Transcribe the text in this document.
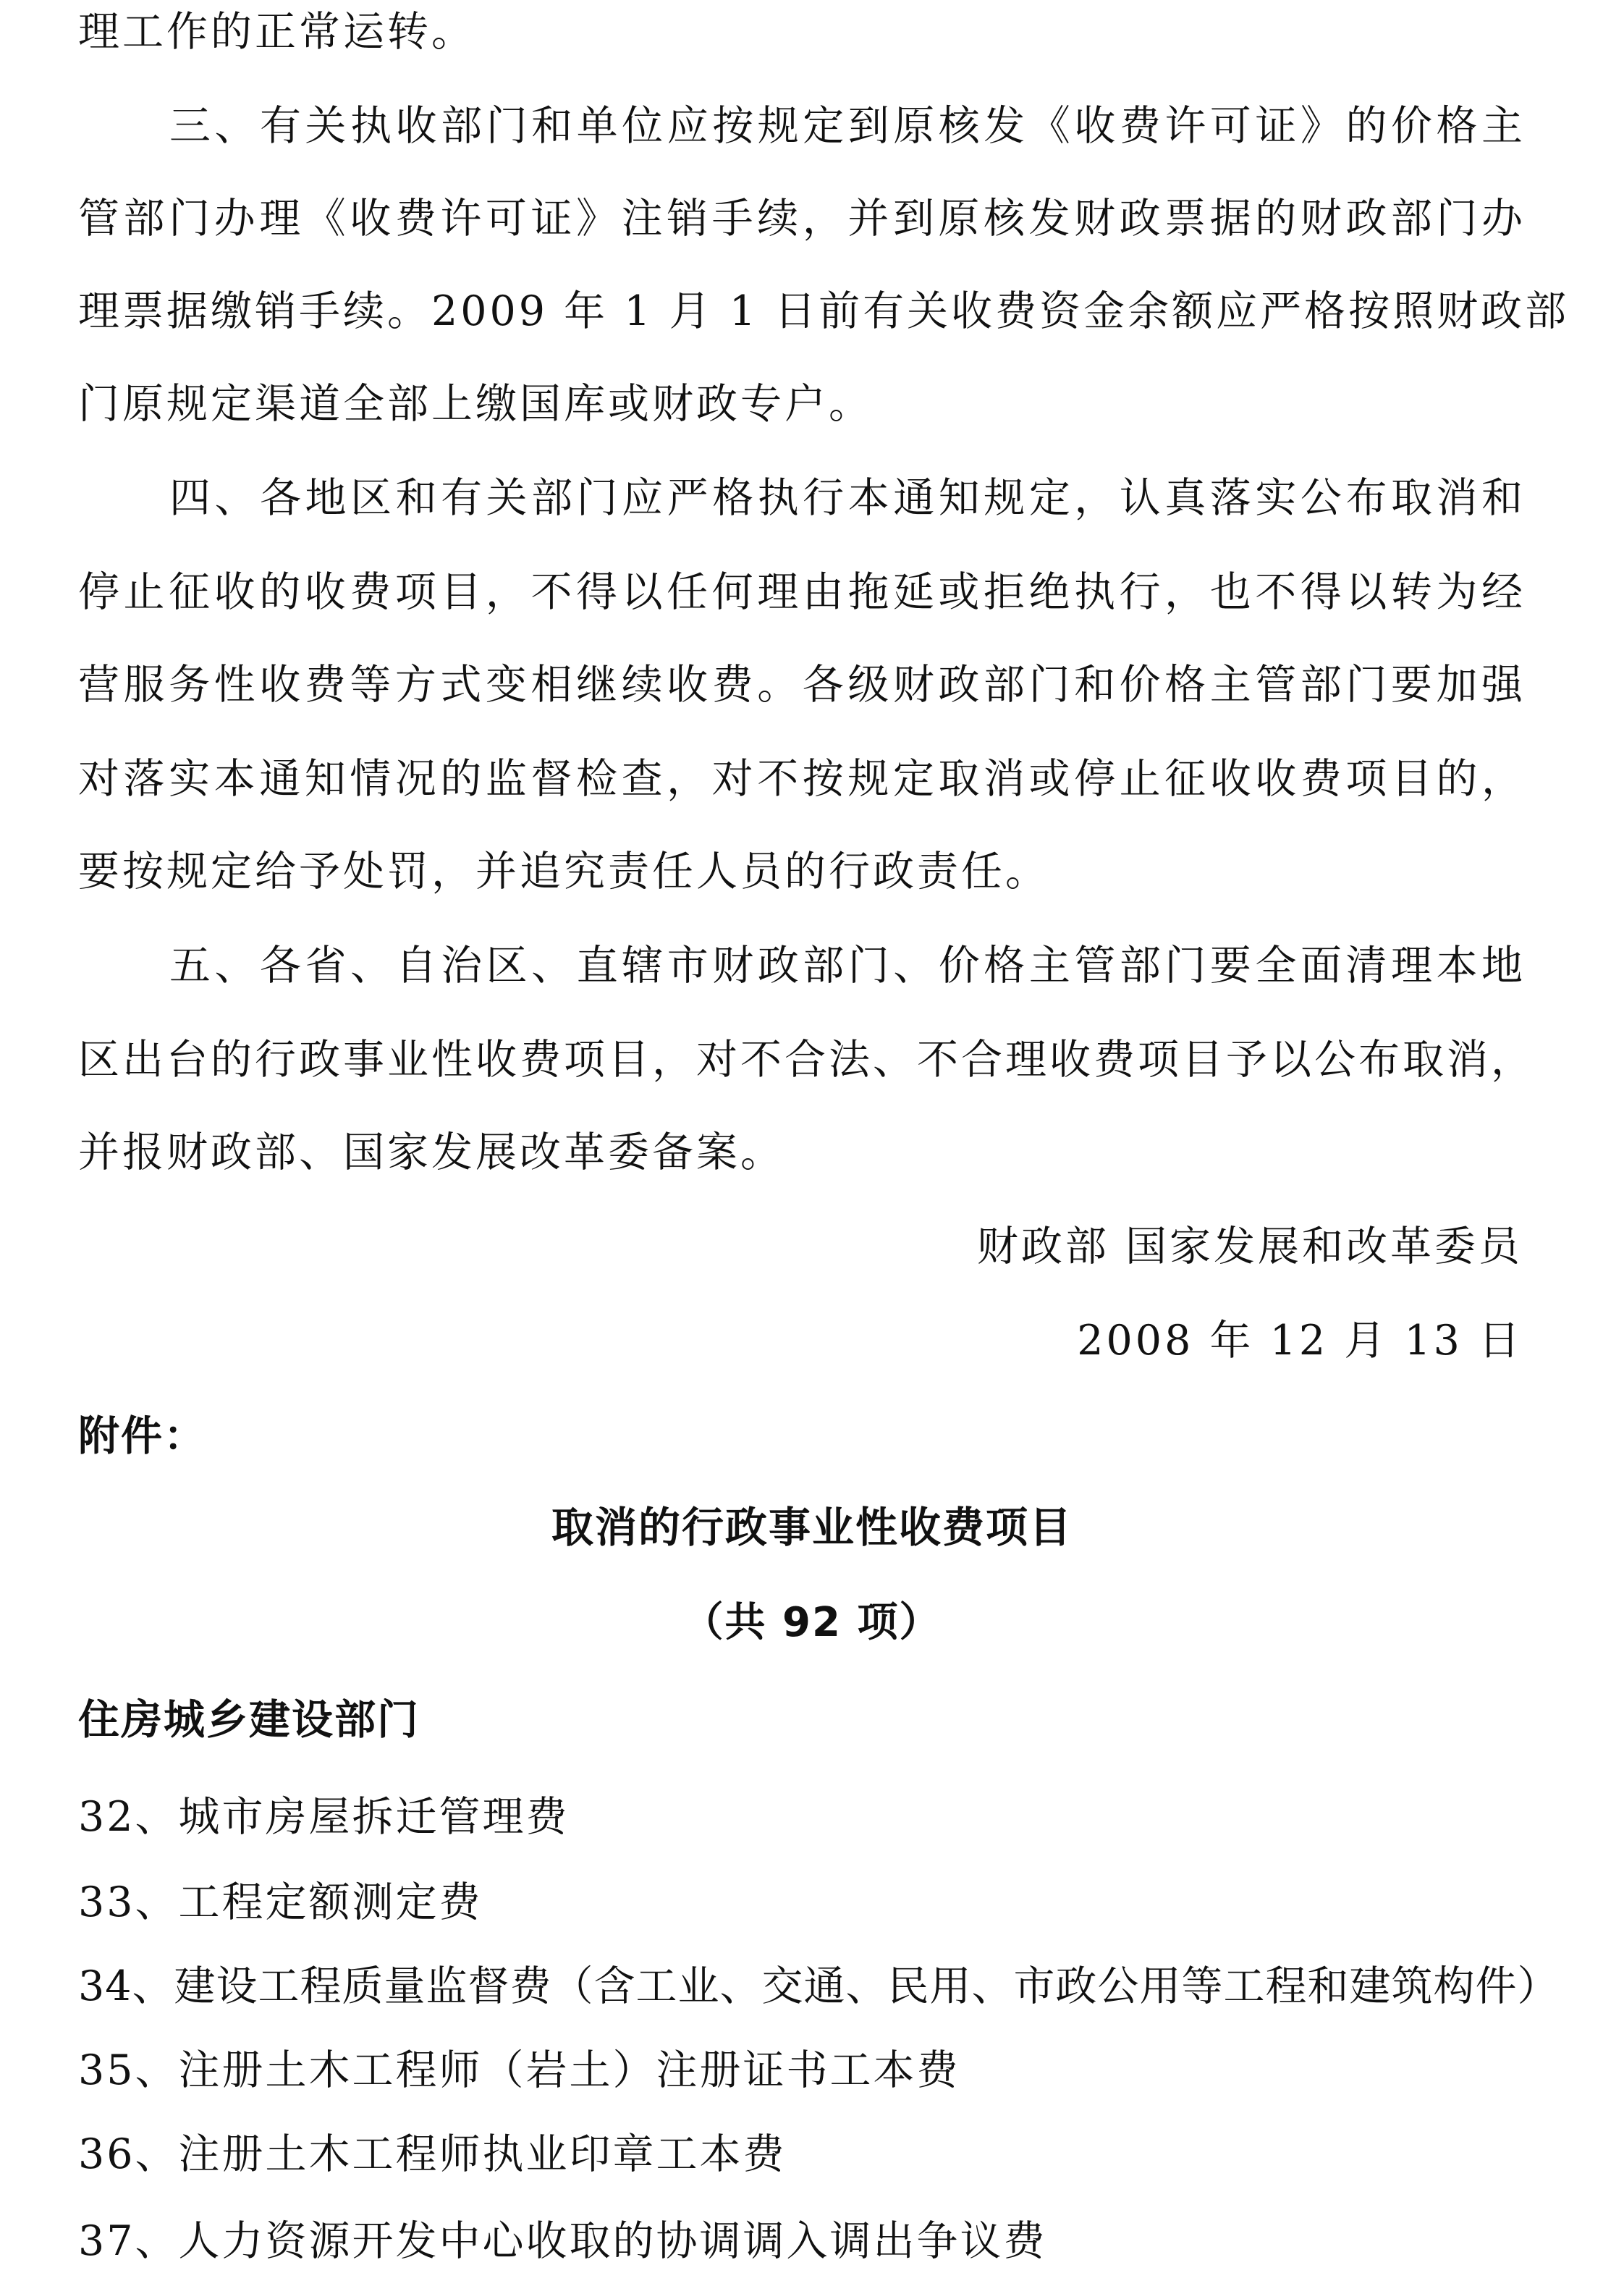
理工作的正常运转。
三、有关执收部门和单位应按规定到原核发《收费许可证》的价格主
管部门办理《收费许可证》注销手续，并到原核发财政票据的财政部门办
理票据缴销手续。2009 年 1 月 1 日前有关收费资金余额应严格按照财政部
门原规定渠道全部上缴国库或财政专户。
四、各地区和有关部门应严格执行本通知规定，认真落实公布取消和
停止征收的收费项目，不得以任何理由拖延或拒绝执行，也不得以转为经
营服务性收费等方式变相继续收费。各级财政部门和价格主管部门要加强
对落实本通知情况的监督检查，对不按规定取消或停止征收收费项目的，
要按规定给予处罚，并追究责任人员的行政责任。
五、各省、自治区、直辖市财政部门、价格主管部门要全面清理本地
区出台的行政事业性收费项目，对不合法、不合理收费项目予以公布取消，
并报财政部、国家发展改革委备案。
财政部 国家发展和改革委员
2008 年 12 月 13 日
附件：
取消的行政事业性收费项目
（共 92 项）
住房城乡建设部门
32、城市房屋拆迁管理费
33、工程定额测定费
34、建设工程质量监督费（含工业、交通、民用、市政公用等工程和建筑构件）
35、注册土木工程师（岩土）注册证书工本费
36、注册土木工程师执业印章工本费
37、人力资源开发中心收取的协调调入调出争议费
